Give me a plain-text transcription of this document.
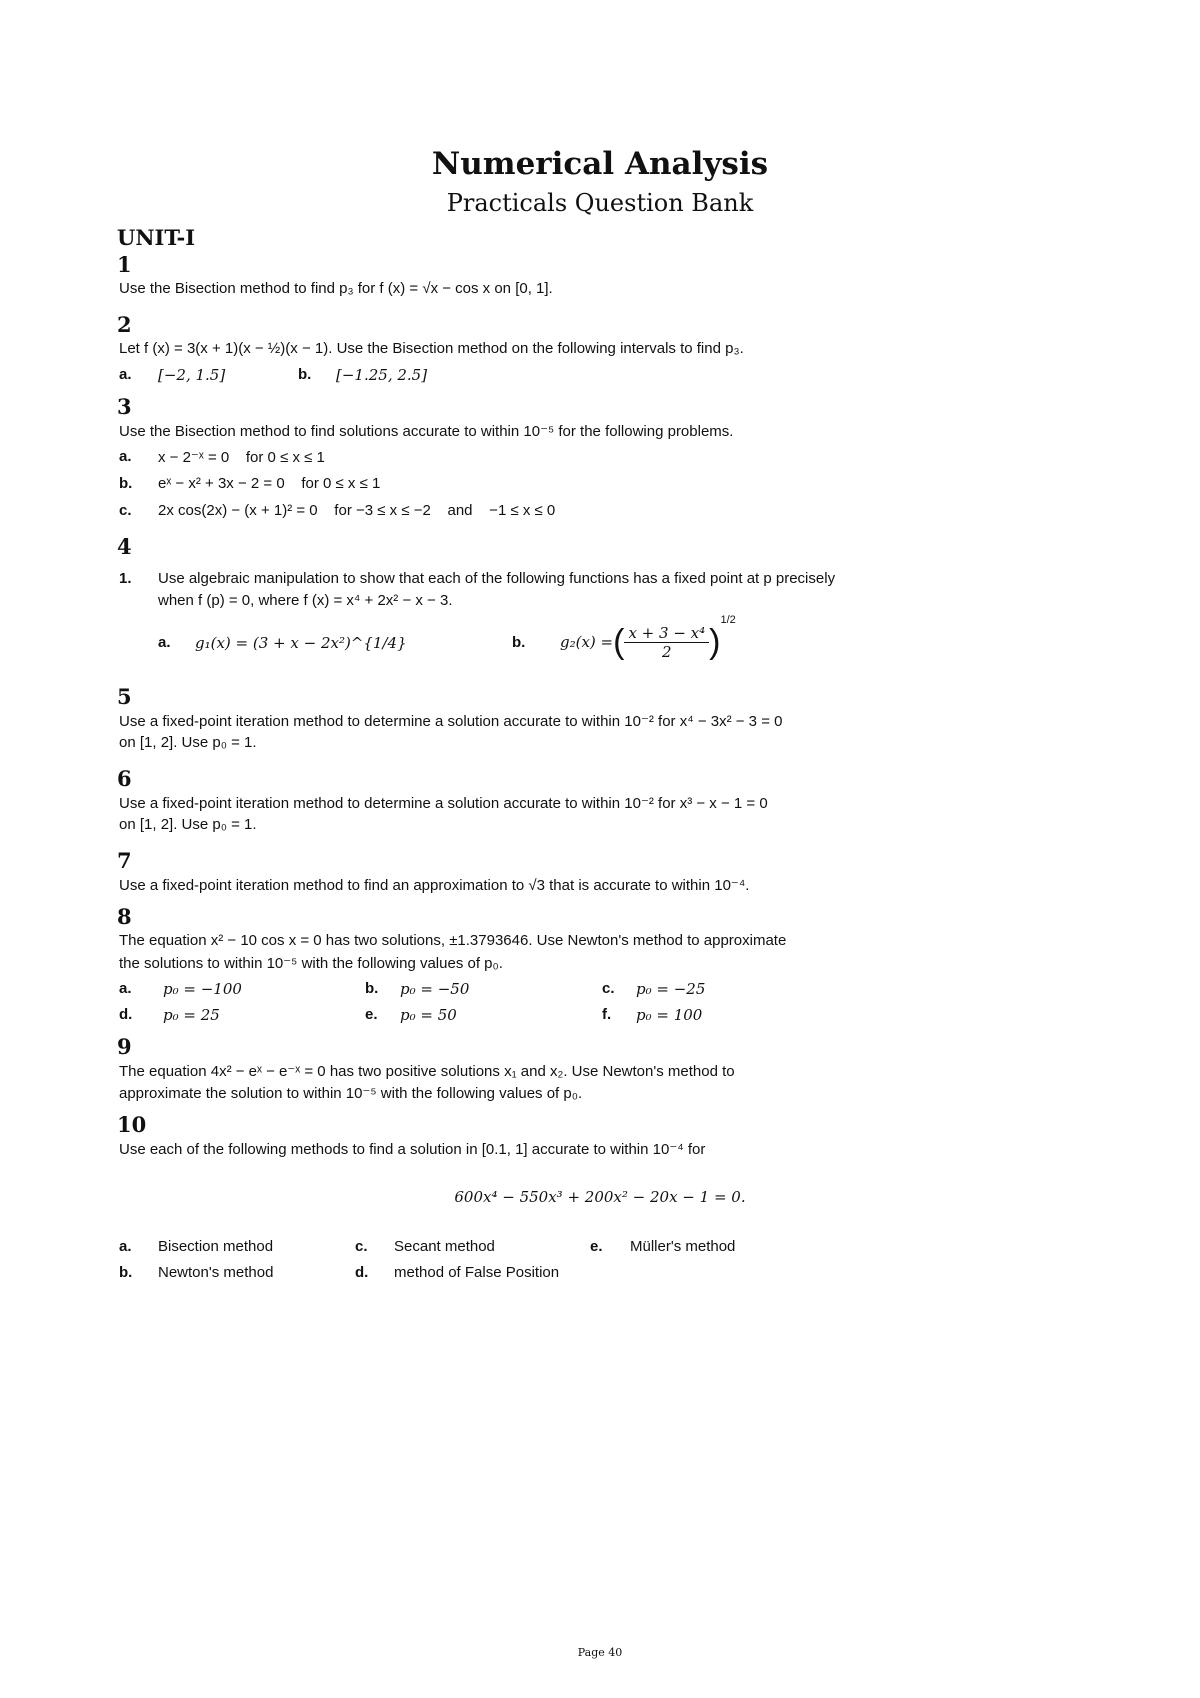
Numerical Analysis
Practicals Question Bank
UNIT-I
1
Use the Bisection method to find p₃ for f (x) = √x − cos x on [0, 1].
2
Let f (x) = 3(x + 1)(x − ½)(x − 1). Use the Bisection method on the following intervals to find p₃.
a. [−2, 1.5]	b. [−1.25, 2.5]
3
Use the Bisection method to find solutions accurate to within 10⁻⁵ for the following problems.
a. x − 2⁻ˣ = 0    for 0 ≤ x ≤ 1
b. eˣ − x² + 3x − 2 = 0    for 0 ≤ x ≤ 1
c. 2x cos(2x) − (x + 1)² = 0    for −3 ≤ x ≤ −2    and    −1 ≤ x ≤ 0
4
1. Use algebraic manipulation to show that each of the following functions has a fixed point at p precisely
when f (p) = 0, where f (x) = x⁴ + 2x² − x − 3.
a. g₁(x) = (3 + x − 2x²)^{1/4}	b. g₂(x) = ( $\frac{\text{x + 3 − x⁴}}{2}$ )
$^{1/2}$
5
Use a fixed-point iteration method to determine a solution accurate to within 10⁻² for x⁴ − 3x² − 3 = 0
on [1, 2]. Use p₀ = 1.
6
Use a fixed-point iteration method to determine a solution accurate to within 10⁻² for x³ − x − 1 = 0
on [1, 2]. Use p₀ = 1.
7
Use a fixed-point iteration method to find an approximation to √3 that is accurate to within 10⁻⁴.
8
The equation x² − 10 cos x = 0 has two solutions, ±1.3793646. Use Newton's method to approximate
the solutions to within 10⁻⁵ with the following values of p₀.
a. p₀ = −100	b. p₀ = −50	c. p₀ = −25
d. p₀ = 25	e. p₀ = 50	f. p₀ = 100
9
The equation 4x² − eˣ − e⁻ˣ = 0 has two positive solutions x₁ and x₂. Use Newton's method to
approximate the solution to within 10⁻⁵ with the following values of p₀.
10
Use each of the following methods to find a solution in [0.1, 1] accurate to within 10⁻⁴ for
600x⁴ − 550x³ + 200x² − 20x − 1 = 0.
a. Bisection method	c. Secant method	e. Müller's method
b. Newton's method	d. method of False Position
Page 40
